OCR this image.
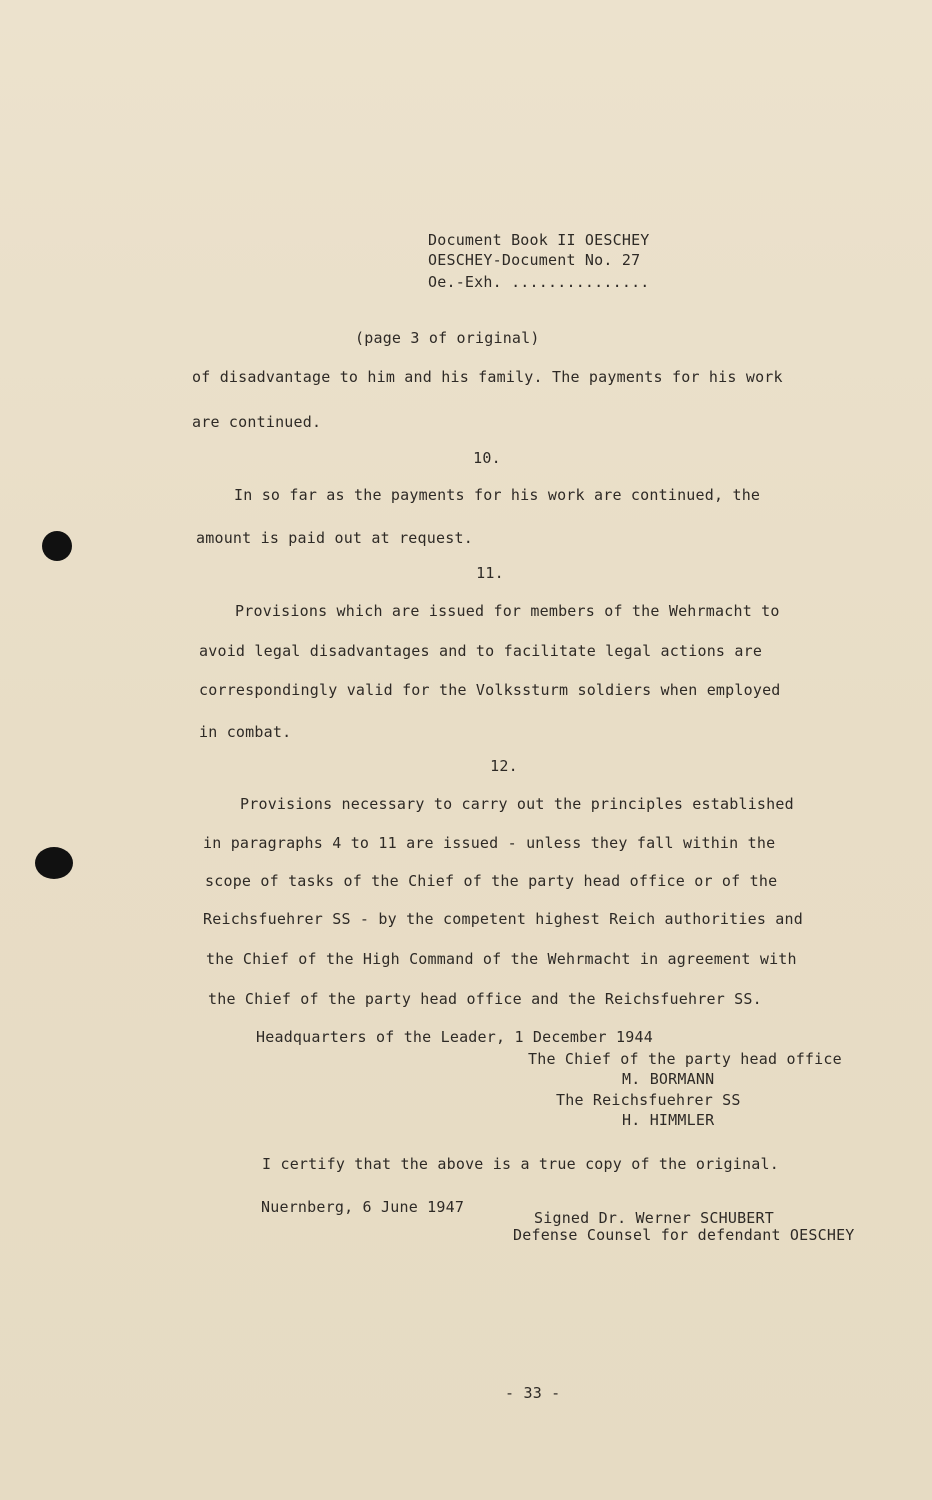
Document Book II OESCHEY
OESCHEY-Document No. 27
Oe.-Exh. ...............
(page 3 of original)
of disadvantage to him and his family. The payments for his work
are continued.
10.
In so far as the payments for his work are continued, the
amount is paid out at request.
11.
Provisions which are issued for members of the Wehrmacht to
avoid legal disadvantages and to facilitate legal actions are
correspondingly valid for the Volkssturm soldiers when employed
in combat.
12.
Provisions necessary to carry out the principles established
in paragraphs 4 to 11 are issued - unless they fall within the
scope of tasks of the Chief of the party head office or of the
Reichsfuehrer SS - by the competent highest Reich authorities and
the Chief of the High Command of the Wehrmacht in agreement with
the Chief of the party head office and the Reichsfuehrer SS.
Headquarters of the Leader, 1 December 1944
The Chief of the party head office
M. BORMANN
The Reichsfuehrer SS
H. HIMMLER
I certify that the above is a true copy of the original.
Nuernberg, 6 June 1947
Signed Dr. Werner SCHUBERT
Defense Counsel for defendant OESCHEY
- 33 -
